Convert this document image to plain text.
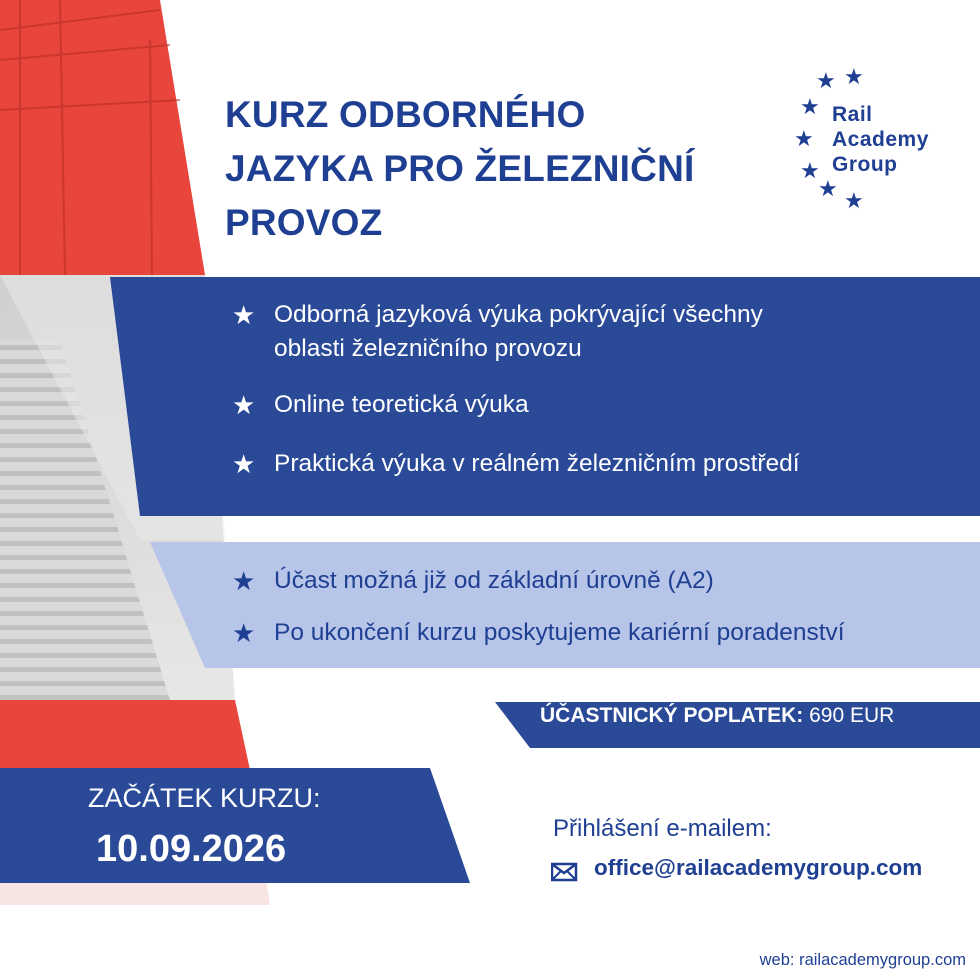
KURZ ODBORNÉHO
JAZYKA PRO ŽELEZNIČNÍ
PROVOZ
★ ★
★
★
★
★ ★
Rail
Academy
Group
★ Odborná jazyková výuka pokrývající všechny
oblasti železničního provozu
★ Online teoretická výuka
★ Praktická výuka v reálném železničním prostředí
★ Účast možná již od základní úrovně (A2)
★ Po ukončení kurzu poskytujeme kariérní poradenství
ÚČASTNICKÝ POPLATEK: 690 EUR
ZAČÁTEK KURZU:
10.09.2026	Přihlášení e-mailem:
office@railacademygroup.com
web: railacademygroup.com
